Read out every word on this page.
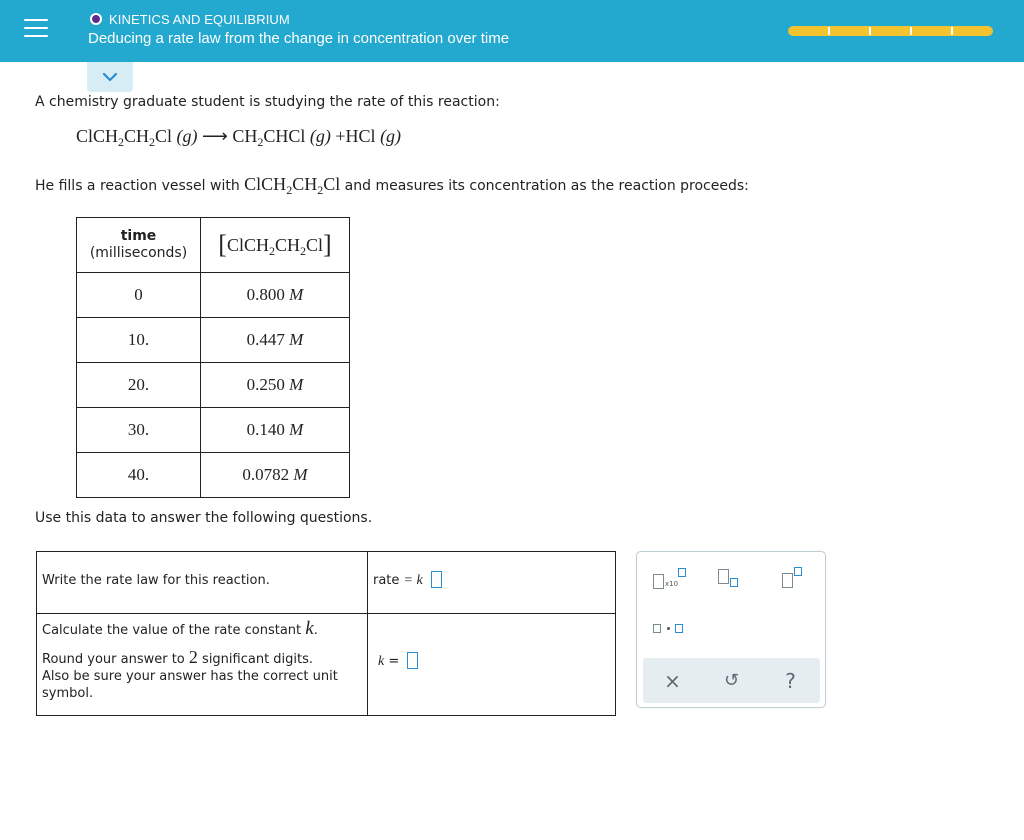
KINETICS AND EQUILIBRIUM
Deducing a rate law from the change in concentration over time
A chemistry graduate student is studying the rate of this reaction:
$ClCH_2CH_2Cl$ (g) ⟶ $CH_2CHCl$ (g) +HCl (g)
He fills a reaction vessel with $ClCH_2CH_2Cl$ and measures its concentration as the reaction proceeds:
time
(milliseconds)	$[ClCH_2CH_2Cl]$
0	0.800 M
10.	0.447 M
20.	0.250 M
30.	0.140 M
40.	0.0782 M
Use this data to answer the following questions.
Write the rate law for this reaction.	rate = k
Calculate the value of the rate constant k.
Round your answer to 2 significant digits.
Also be sure your answer has the correct unit symbol.	k =
x10
×	↺	?
